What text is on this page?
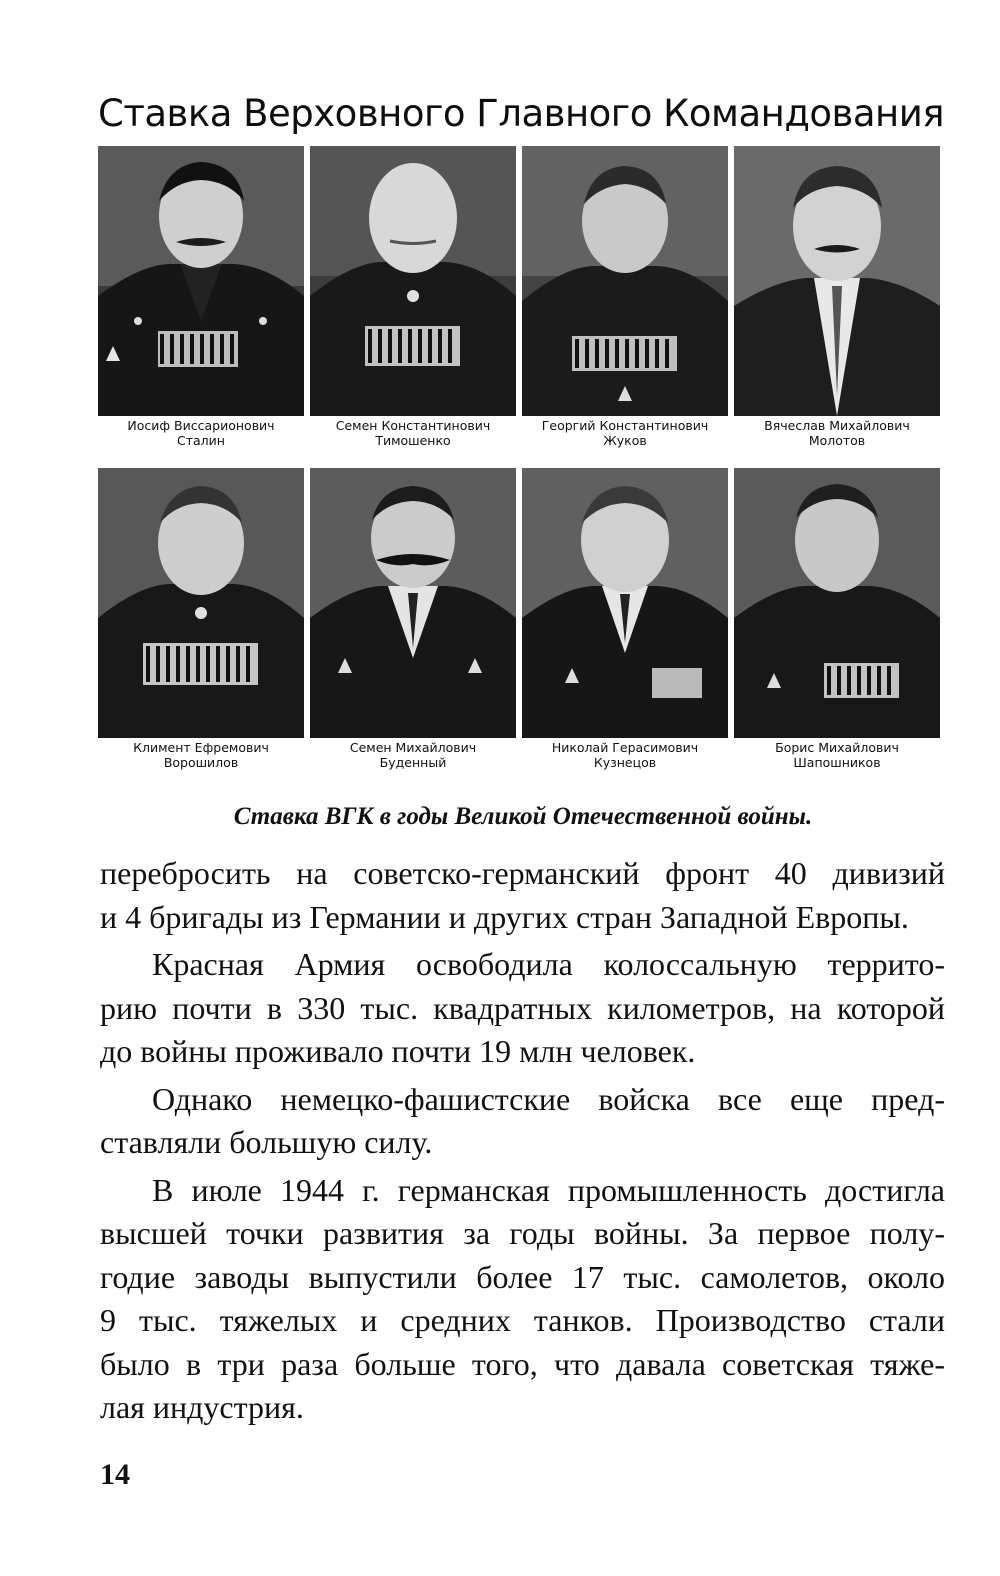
Ставка Верховного Главного Командования
Иосиф Виссарионович
Сталин
Семен Константинович
Тимошенко
Георгий Константинович
Жуков
Вячеслав Михайлович
Молотов
Климент Ефремович
Ворошилов
Семен Михайлович
Буденный
Николай Герасимович
Кузнецов
Борис Михайлович
Шапошников
Ставка ВГК в годы Великой Отечественной войны.

перебросить на советско-германский фронт 40 дивизий
и 4 бригады из Германии и других стран Западной Европы.

Красная Армия освободила колоссальную террито-
рию почти в 330 тыс. квадратных километров, на которой
до войны проживало почти 19 млн человек.

Однако немецко-фашистские войска все еще пред-
ставляли большую силу.

В июле 1944 г. германская промышленность достигла
высшей точки развития за годы войны. За первое полу-
годие заводы выпустили более 17 тыс. самолетов, около
9 тыс. тяжелых и средних танков. Производство стали
было в три раза больше того, что давала советская тяже-
лая индустрия.

14
